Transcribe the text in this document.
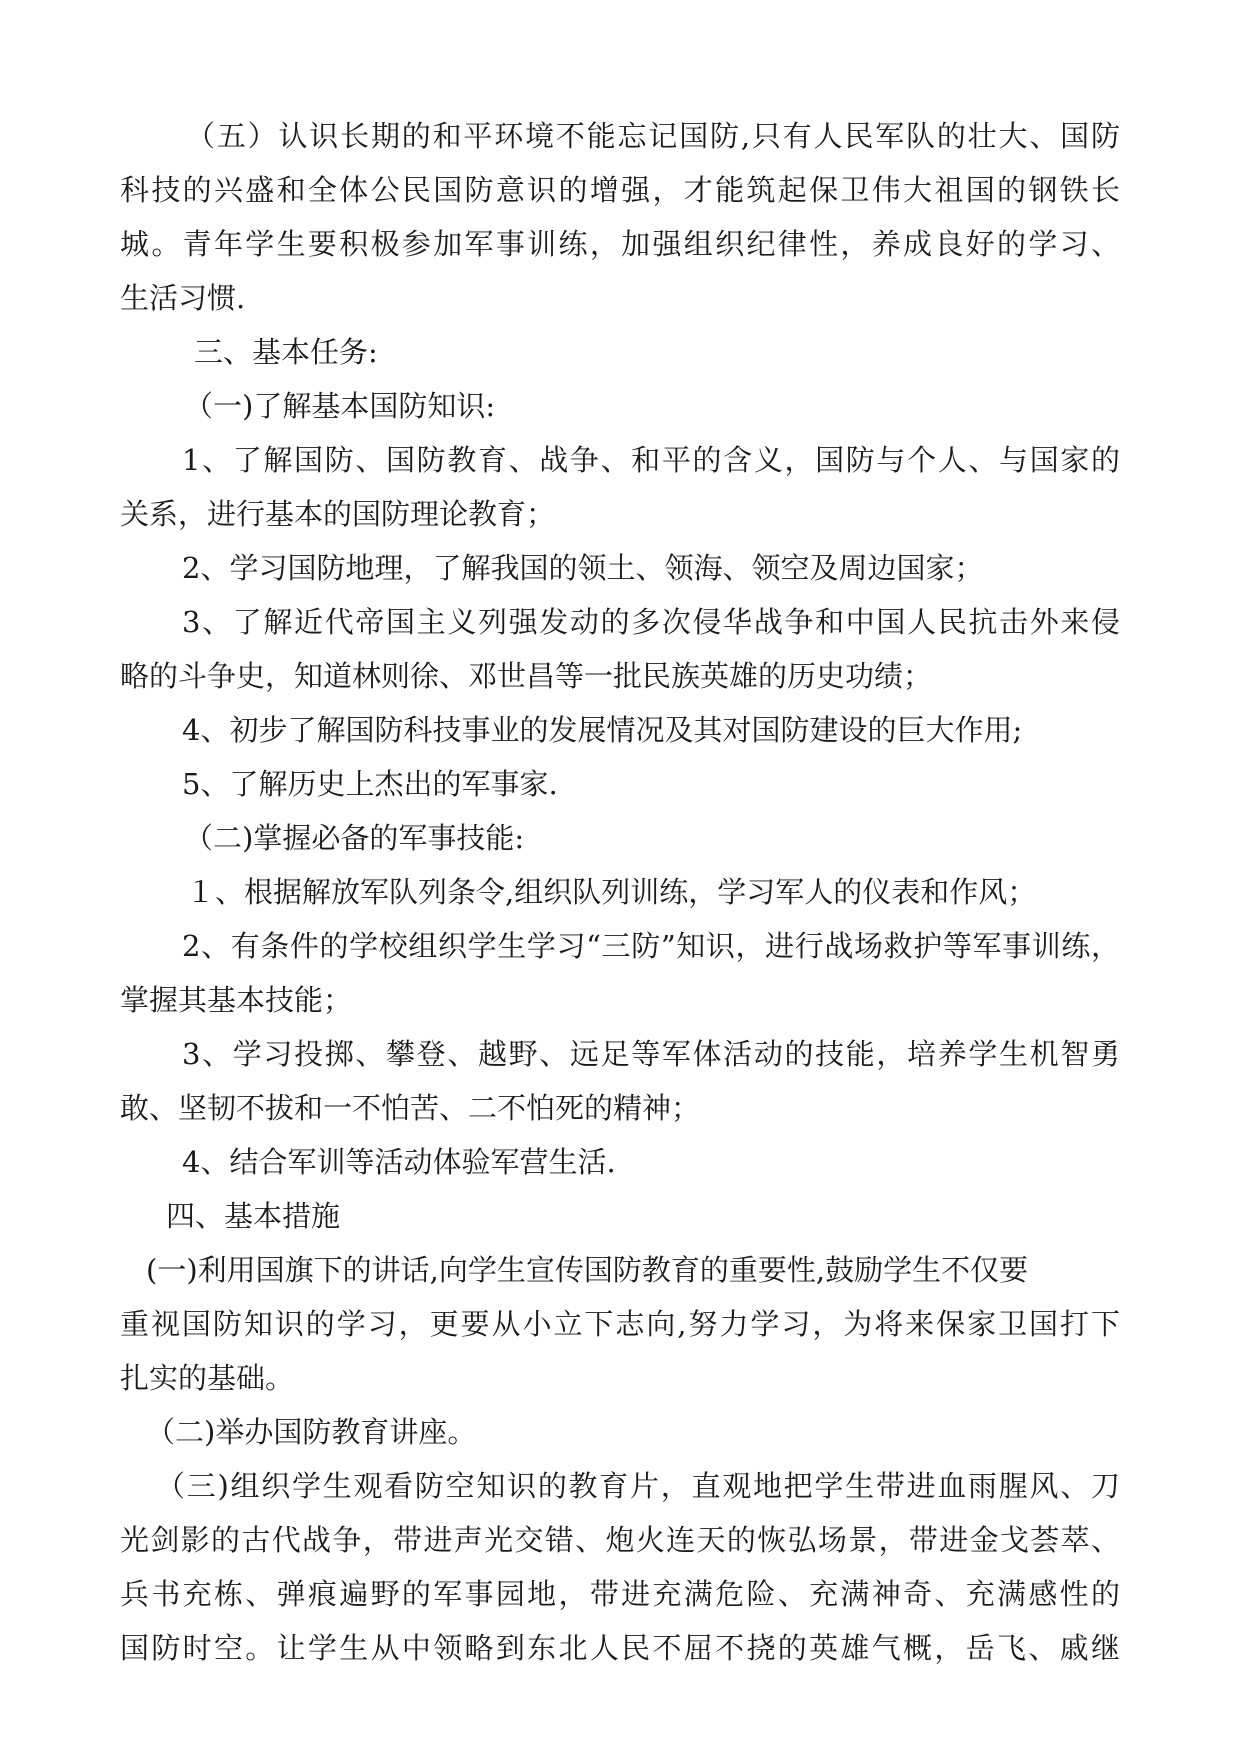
（五）认识长期的和平环境不能忘记国防,只有人民军队的壮大、国防
科技的兴盛和全体公民国防意识的增强，才能筑起保卫伟大祖国的钢铁长
城。青年学生要积极参加军事训练，加强组织纪律性，养成良好的学习、
生活习惯.
三、基本任务:
（一)了解基本国防知识:
1、了解国防、国防教育、战争、和平的含义，国防与个人、与国家的
关系，进行基本的国防理论教育；
2、学习国防地理，了解我国的领土、领海、领空及周边国家；
3、了解近代帝国主义列强发动的多次侵华战争和中国人民抗击外来侵
略的斗争史，知道林则徐、邓世昌等一批民族英雄的历史功绩；
4、初步了解国防科技事业的发展情况及其对国防建设的巨大作用;
5、了解历史上杰出的军事家.
（二)掌握必备的军事技能:
１、根据解放军队列条令,组织队列训练，学习军人的仪表和作风；
2、有条件的学校组织学生学习“三防”知识，进行战场救护等军事训练，
掌握其基本技能；
3、学习投掷、攀登、越野、远足等军体活动的技能，培养学生机智勇
敢、坚韧不拔和一不怕苦、二不怕死的精神；
4、结合军训等活动体验军营生活.
四、基本措施
(一)利用国旗下的讲话,向学生宣传国防教育的重要性,鼓励学生不仅要
重视国防知识的学习，更要从小立下志向,努力学习，为将来保家卫国打下
扎实的基础。
（二)举办国防教育讲座。
（三)组织学生观看防空知识的教育片，直观地把学生带进血雨腥风、刀
光剑影的古代战争，带进声光交错、炮火连天的恢弘场景，带进金戈荟萃、
兵书充栋、弹痕遍野的军事园地，带进充满危险、充满神奇、充满感性的
国防时空。让学生从中领略到东北人民不屈不挠的英雄气概，岳飞、戚继
